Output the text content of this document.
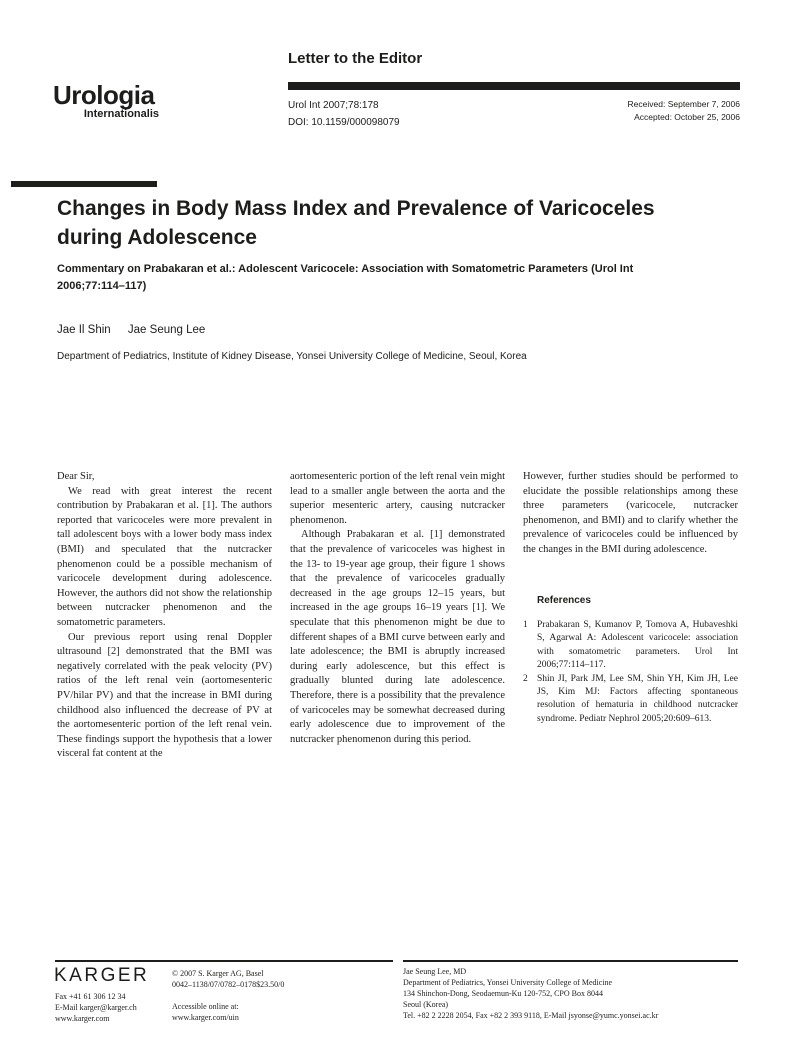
Urologia
Internationalis
Letter to the Editor
Urol Int 2007;78:178
DOI: 10.1159/000098079
Received: September 7, 2006
Accepted: October 25, 2006
Changes in Body Mass Index and Prevalence of Varicoceles during Adolescence
Commentary on Prabakaran et al.: Adolescent Varicocele: Association with Somatometric Parameters (Urol Int 2006;77:114–117)
Jae Il Shin Jae Seung Lee
Department of Pediatrics, Institute of Kidney Disease, Yonsei University College of Medicine, Seoul, Korea

Dear Sir,

We read with great interest the recent contribution by Prabakaran et al. [1]. The authors reported that varicoceles were more prevalent in tall adolescent boys with a lower body mass index (BMI) and speculated that the nutcracker phenomenon could be a possible mechanism of varicocele development during adolescence. However, the authors did not show the relationship between nutcracker phenomenon and the somatometric parameters.

Our previous report using renal Doppler ultrasound [2] demonstrated that the BMI was negatively correlated with the peak velocity (PV) ratios of the left renal vein (aortomesenteric PV/hilar PV) and that the increase in BMI during childhood also influenced the decrease of PV at the aortomesenteric portion of the left renal vein. These findings support the hypothesis that a lower visceral fat content at the

aortomesenteric portion of the left renal vein might lead to a smaller angle between the aorta and the superior mesenteric artery, causing nutcracker phenomenon.

Although Prabakaran et al. [1] demonstrated that the prevalence of varicoceles was highest in the 13- to 19-year age group, their figure 1 shows that the prevalence of varicoceles gradually decreased in the age groups 12–15 years, but increased in the age groups 16–19 years [1]. We speculate that this phenomenon might be due to different shapes of a BMI curve between early and late adolescence; the BMI is abruptly increased during early adolescence, but this effect is gradually blunted during late adolescence. Therefore, there is a possibility that the prevalence of varicoceles may be somewhat decreased during early adolescence due to improvement of the nutcracker phenomenon during this period.

However, further studies should be performed to elucidate the possible relationships among these three parameters (varicocele, nutcracker phenomenon, and BMI) and to clarify whether the prevalence of varicoceles could be influenced by the changes in the BMI during adolescence.

References
1 Prabakaran S, Kumanov P, Tomova A, Hubaveshki S, Agarwal A: Adolescent varicocele: association with somatometric parameters. Urol Int 2006;77:114–117.
2 Shin JI, Park JM, Lee SM, Shin YH, Kim JH, Lee JS, Kim MJ: Factors affecting spontaneous resolution of hematuria in childhood nutcracker syndrome. Pediatr Nephrol 2005;20:609–613.
KARGER
Fax +41 61 306 12 34
E-Mail karger@karger.ch
www.karger.com
© 2007 S. Karger AG, Basel
0042–1138/07/0782–0178$23.50/0
Accessible online at:
www.karger.com/uin
Jae Seung Lee, MD
Department of Pediatrics, Yonsei University College of Medicine
134 Shinchon-Dong, Seodaemun-Ku 120-752, CPO Box 8044
Seoul (Korea)
Tel. +82 2 2228 2054, Fax +82 2 393 9118, E-Mail jsyonse@yumc.yonsei.ac.kr
